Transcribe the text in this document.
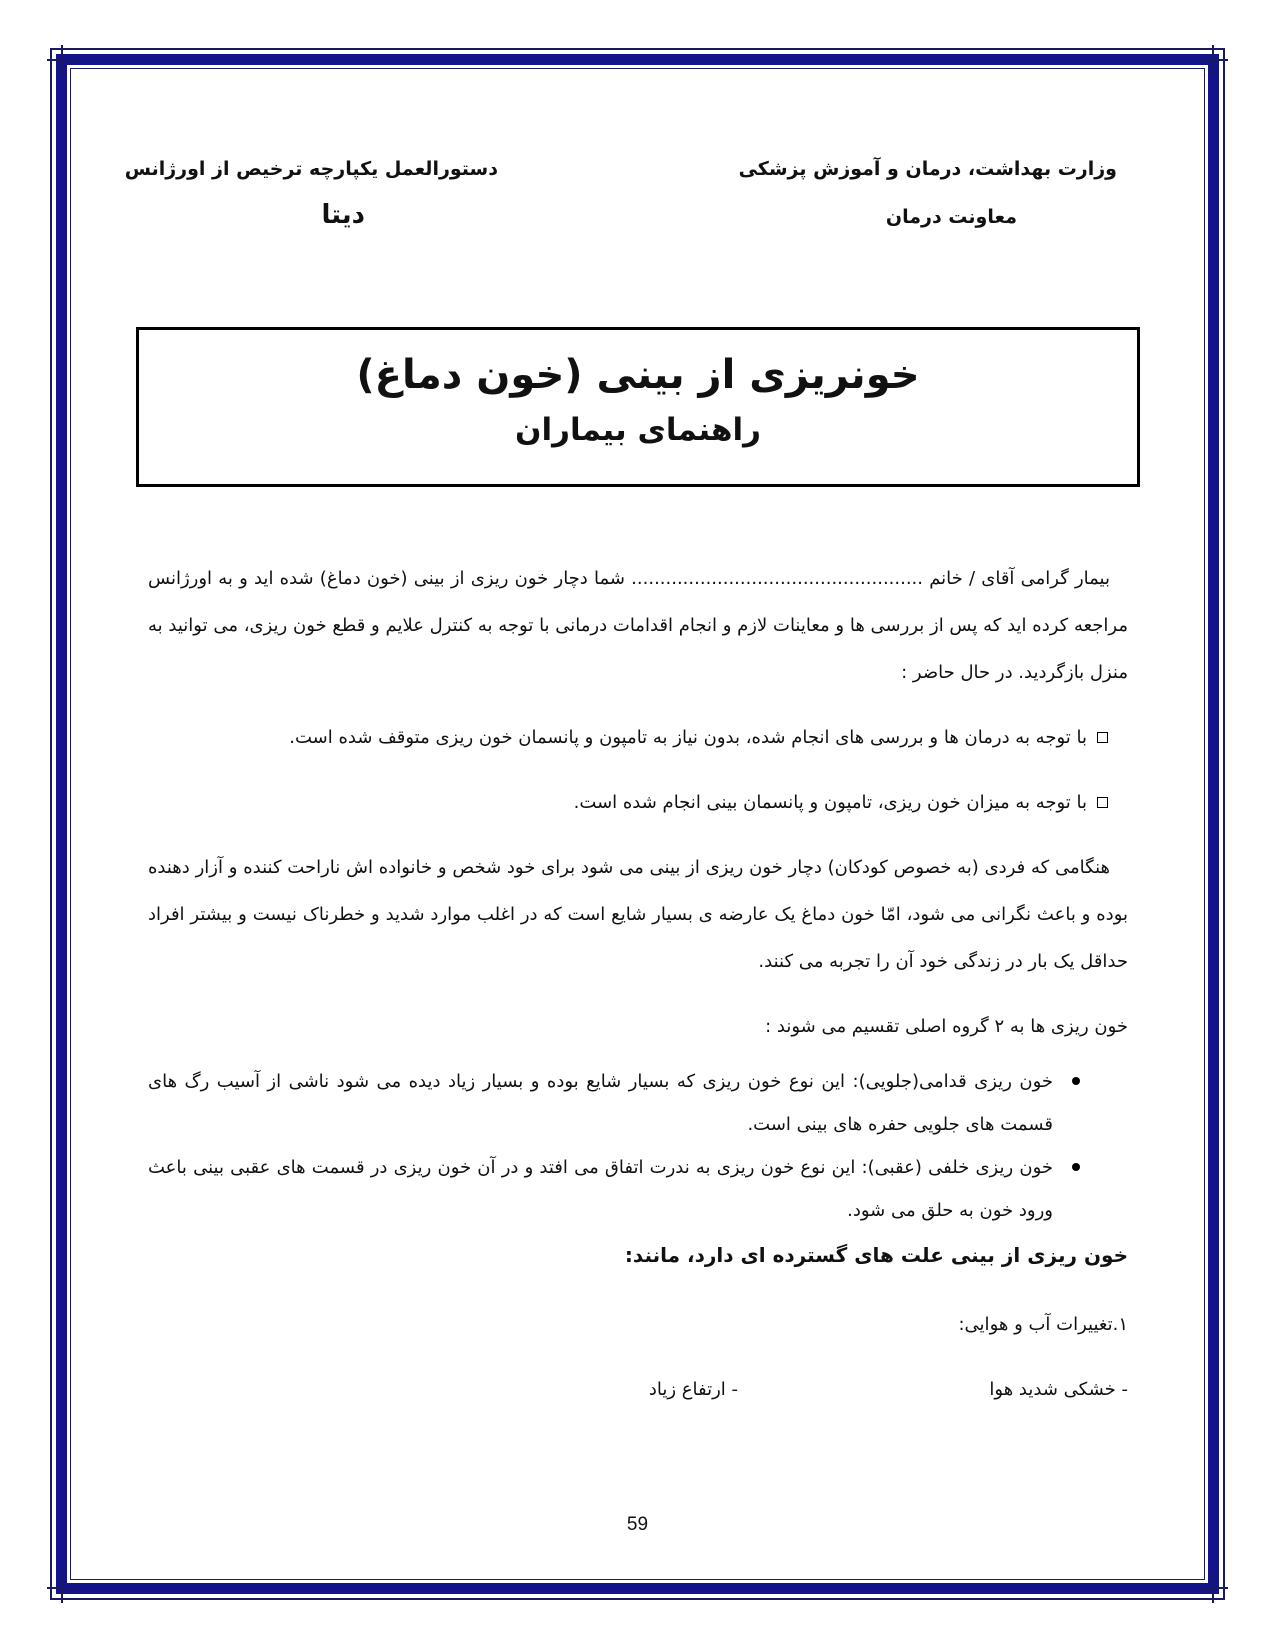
وزارت بهداشت، درمان و آموزش پزشکی
معاونت درمان
دستورالعمل یکپارچه ترخیص از اورژانس
دیتا
خونریزی از بینی (خون دماغ)
راهنمای بیماران

بیمار گرامی آقای / خانم ................................................... شما دچار خون ریزی از بینی (خون دماغ) شده اید و به اورژانس مراجعه کرده اید که پس از بررسی ها و معاینات لازم و انجام اقدامات درمانی با توجه به کنترل علایم و قطع خون ریزی، می توانید به منزل بازگردید. در حال حاضر :

با توجه به درمان ها و بررسی های انجام شده، بدون نیاز به تامپون و پانسمان خون ریزی متوقف شده است.
با توجه به میزان خون ریزی، تامپون و پانسمان بینی انجام شده است.

هنگامی که فردی (به خصوص کودکان) دچار خون ریزی از بینی می شود برای خود شخص و خانواده اش ناراحت کننده و آزار دهنده بوده و باعث نگرانی می شود، امّا خون دماغ یک عارضه ی بسیار شایع است که در اغلب موارد شدید و خطرناک نیست و بیشتر افراد حداقل یک بار در زندگی خود آن را تجربه می کنند.

خون ریزی ها به ۲ گروه اصلی تقسیم می شوند :

خون ریزی قدامی(جلویی): این نوع خون ریزی که بسیار شایع بوده و بسیار زیاد دیده می شود ناشی از آسیب رگ های قسمت های جلویی حفره های بینی است.
خون ریزی خلفی (عقبی): این نوع خون ریزی به ندرت اتفاق می افتد و در آن خون ریزی در قسمت های عقبی بینی باعث ورود خون به حلق می شود.

خون ریزی از بینی علت های گسترده ای دارد، مانند:

۱.تغییرات آب و هوایی:

- خشکی شدید هوا
- ارتفاع زیاد
59
